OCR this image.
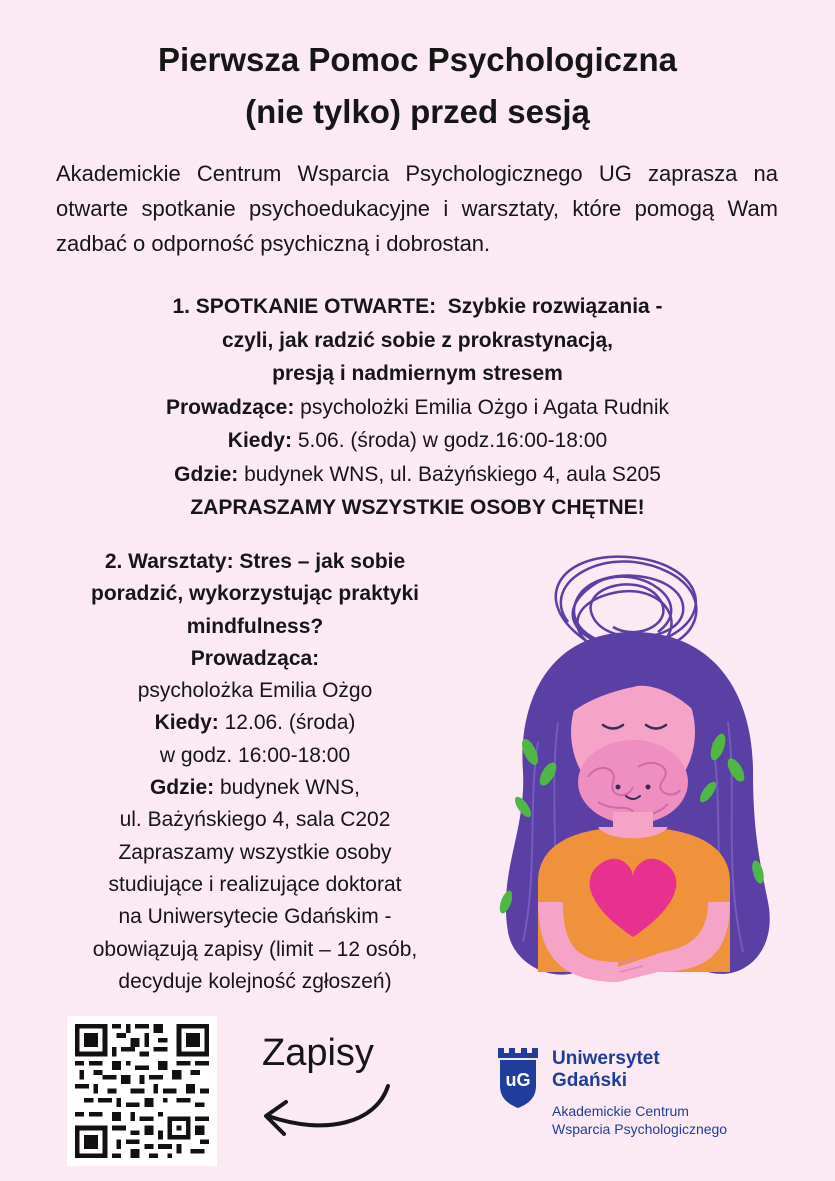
Pierwsza Pomoc Psychologiczna
(nie tylko) przed sesją
Akademickie Centrum Wsparcia Psychologicznego UG zaprasza na otwarte spotkanie psychoedukacyjne i warsztaty, które pomogą Wam zadbać o odporność psychiczną i dobrostan.
1. SPOTKANIE OTWARTE:  Szybkie rozwiązania -
czyli, jak radzić sobie z prokrastynacją,
presją i nadmiernym stresem
Prowadzące: psycholożki Emilia Ożgo i Agata Rudnik
Kiedy: 5.06. (środa) w godz.16:00-18:00
Gdzie: budynek WNS, ul. Bażyńskiego 4, aula S205
ZAPRASZAMY WSZYSTKIE OSOBY CHĘTNE!
2. Warsztaty: Stres – jak sobie
poradzić, wykorzystując praktyki
mindfulness?
Prowadząca:
psycholożka Emilia Ożgo
Kiedy: 12.06. (środa)
w godz. 16:00-18:00
Gdzie: budynek WNS,
ul. Bażyńskiego 4, sala C202
Zapraszamy wszystkie osoby
studiujące i realizujące doktorat
na Uniwersytecie Gdańskim -
obowiązują zapisy (limit – 12 osób,
decyduje kolejność zgłoszeń)
Zapisy
uG
Uniwersytet
Gdański
Akademickie Centrum
Wsparcia Psychologicznego
